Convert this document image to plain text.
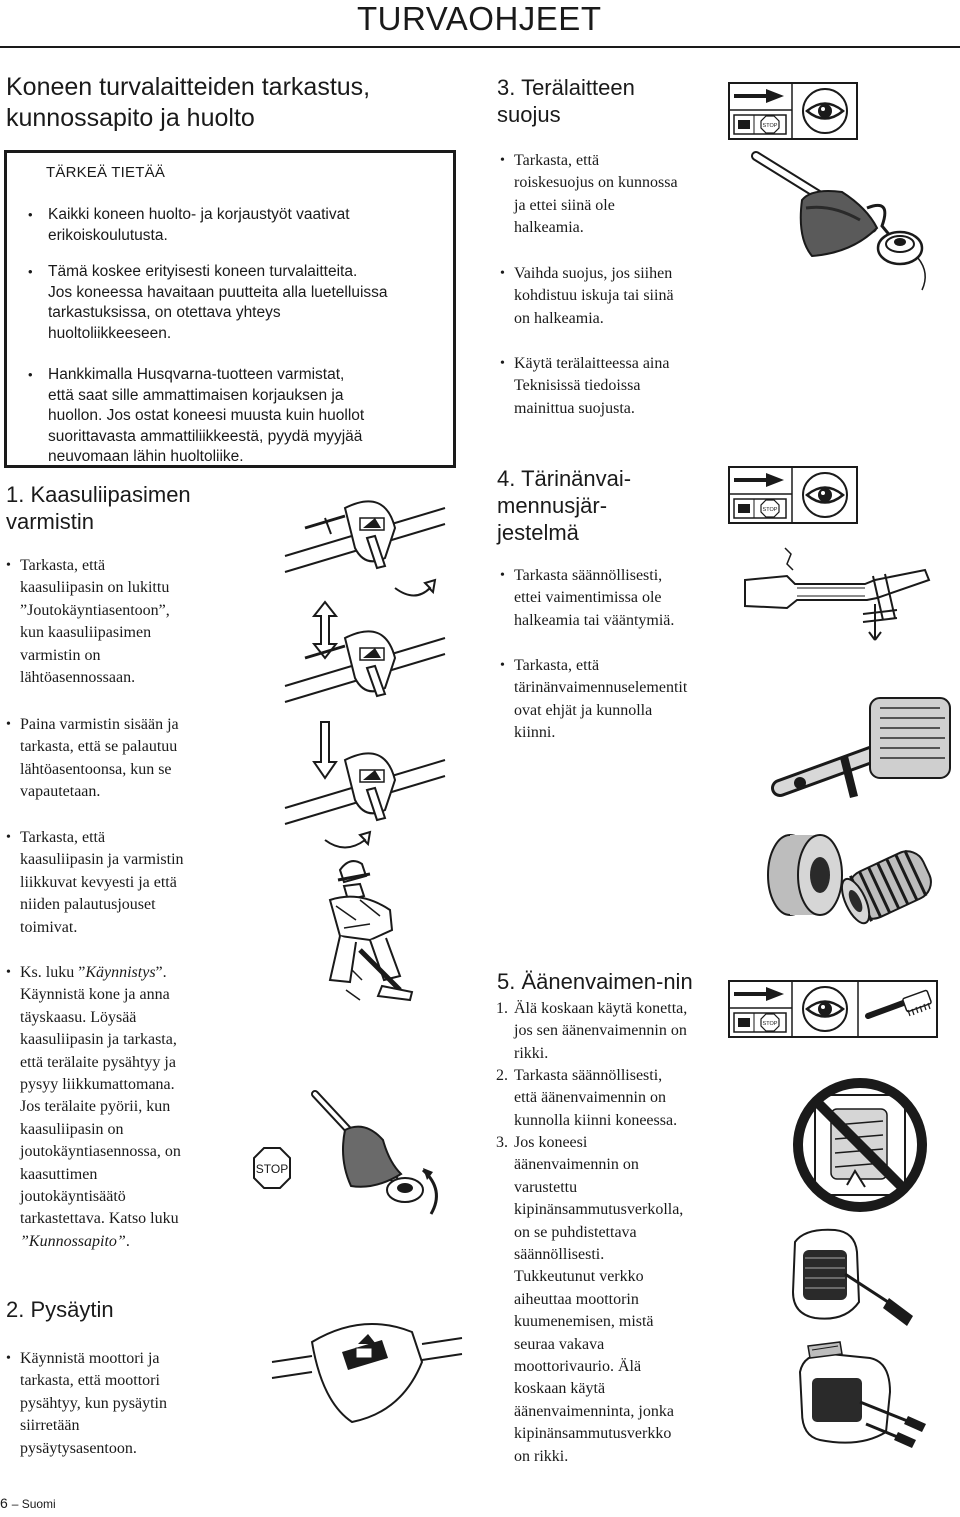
TURVAOHJEET
Koneen turvalaitteiden tarkastus,
kunnossapito ja huolto
TÄRKEÄ TIETÄÄ
• Kaikki koneen huolto- ja korjaustyöt vaativat
erikoiskoulutusta.
• Tämä koskee erityisesti koneen turvalaitteita.
Jos koneessa havaitaan puutteita alla luetelluissa
tarkastuksissa, on otettava yhteys
huoltoliikkeeseen.
• Hankkimalla Husqvarna-tuotteen varmistat,
että saat sille ammattimaisen korjauksen ja
huollon. Jos ostat koneesi muusta kuin huollot
suorittavasta ammattiliikkeestä, pyydä myyjää
neuvomaan lähin huoltoliike.
1. Kaasuliipasimen
varmistin
• Tarkasta, että
kaasuliipasin on lukittu
”Joutokäyntiasentoon”,
kun kaasuliipasimen
varmistin on
lähtöasennossaan.
• Paina varmistin sisään ja
tarkasta, että se palautuu
lähtöasentoonsa, kun se
vapautetaan.
• Tarkasta, että
kaasuliipasin ja varmistin
liikkuvat kevyesti ja että
niiden palautusjouset
toimivat.
• Ks. luku ”Käynnistys”.
Käynnistä kone ja anna
täyskaasu. Löysää
kaasuliipasin ja tarkasta,
että terälaite pysähtyy ja
pysyy liikkumattomana.
Jos terälaite pyörii, kun
kaasuliipasin on
joutokäyntiasennossa, on
kaasuttimen
joutokäyntisäätö
tarkastettava. Katso luku
”Kunnossapito”.
2. Pysäytin
• Käynnistä moottori ja
tarkasta, että moottori
pysähtyy, kun pysäytin
siirretään
pysäytysasentoon.
3. Terälaitteen
suojus
• Tarkasta, että
roiskesuojus on kunnossa
ja ettei siinä ole
halkeamia.
• Vaihda suojus, jos siihen
kohdistuu iskuja tai siinä
on halkeamia.
• Käytä terälaitteessa aina
Teknisissä tiedoissa
mainittua suojusta.
4. Tärinänvai-
mennusjär-
jestelmä
• Tarkasta säännöllisesti,
ettei vaimentimissa ole
halkeamia tai vääntymiä.
• Tarkasta, että
tärinänvaimennuselementit
ovat ehjät ja kunnolla
kiinni.
5. Äänenvaimen-nin
1. Älä koskaan käytä konetta,
jos sen äänenvaimennin on
rikki.
2. Tarkasta säännöllisesti,
että äänenvaimennin on
kunnolla kiinni koneessa.
3. Jos koneesi
äänenvaimennin on
varustettu
kipinänsammutusverkolla,
on se puhdistettava
säännöllisesti.
Tukkeutunut verkko
aiheuttaa moottorin
kuumenemisen, mistä
seuraa vakava
moottorivaurio. Älä
koskaan käytä
äänenvaimenninta, jonka
kipinänsammutusverkko
on rikki.
STOP
STOP
STOP
STOP
6 – Suomi
